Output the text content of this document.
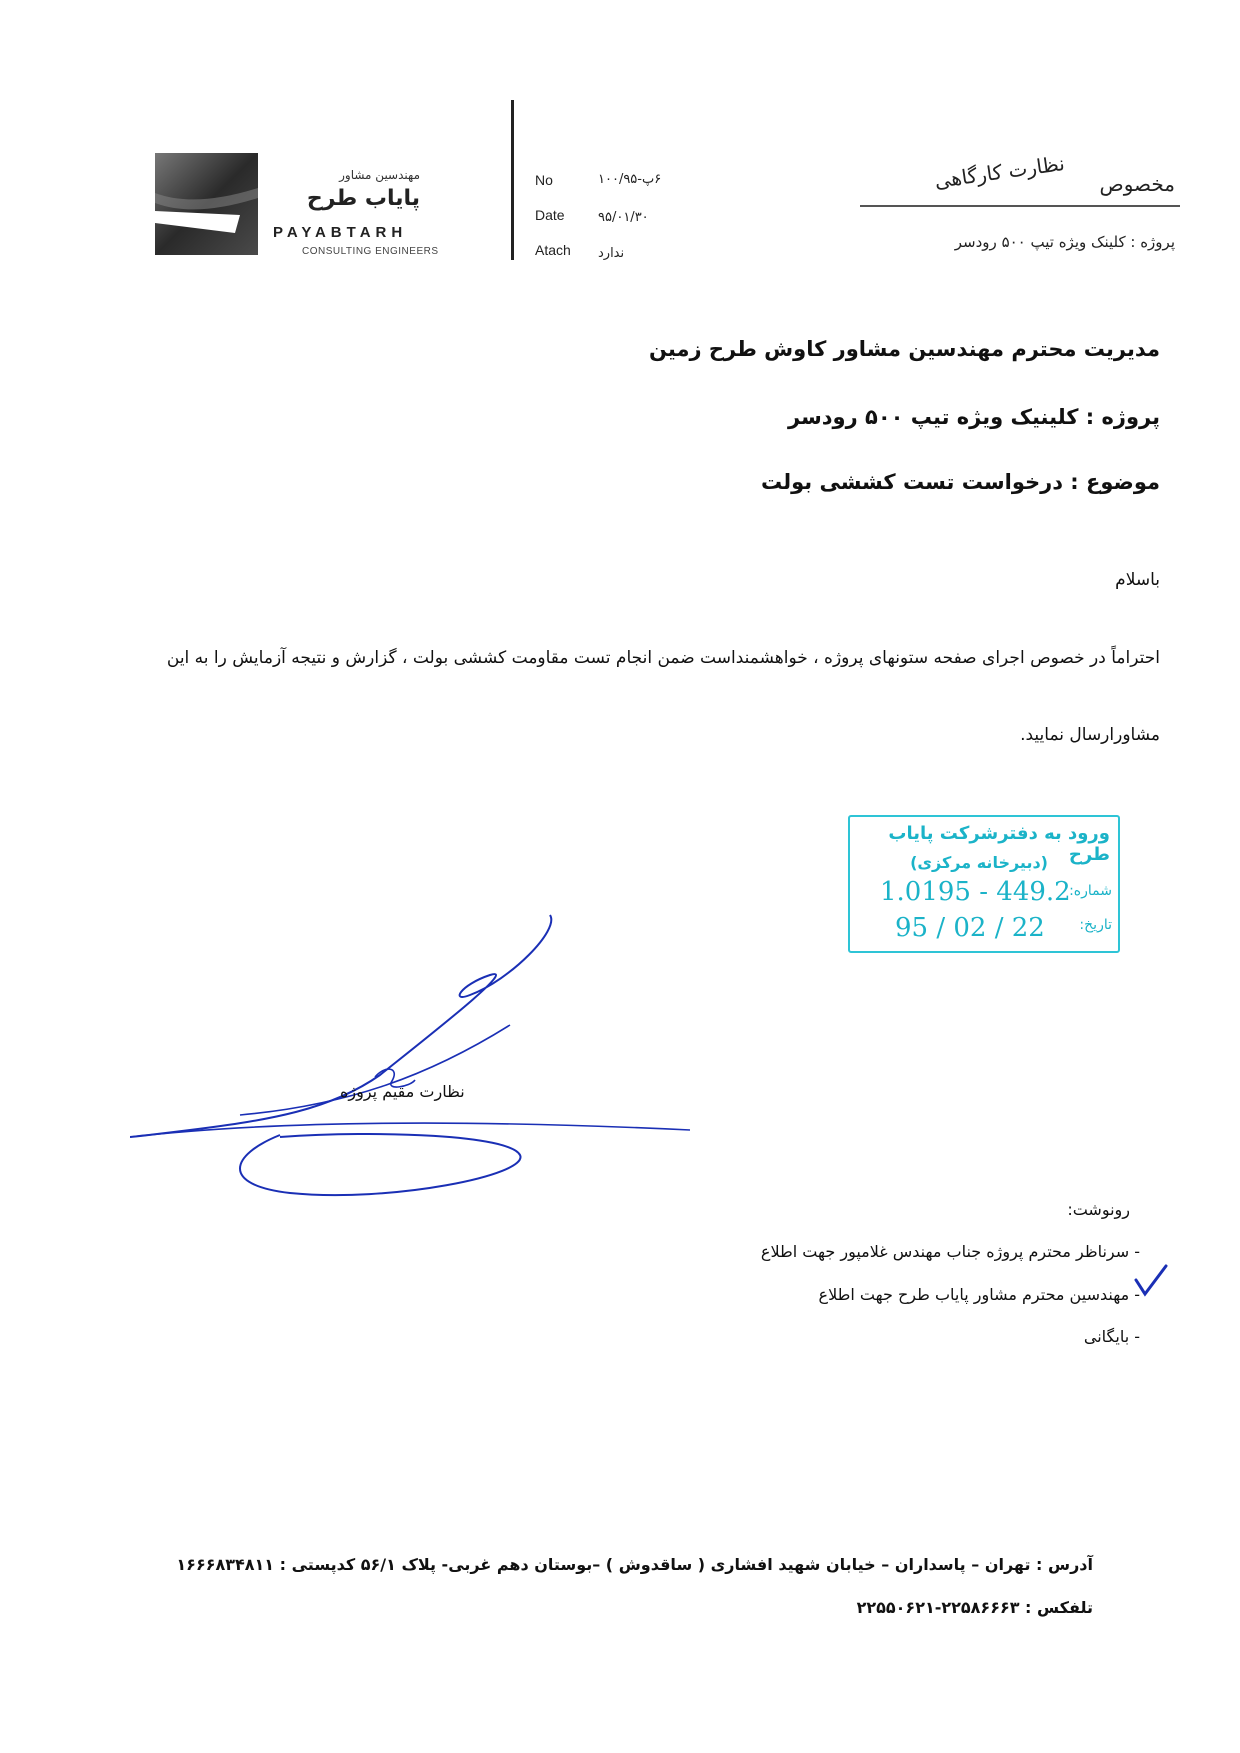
مهندسین مشاور
پایاب طرح
PAYABTARH
CONSULTING ENGINEERS
No	۶پ-۱۰۰/۹۵
Date	۹۵/۰۱/۳۰
Atach ندارد
مخصوص
نظارت کارگاهی
پروژه : کلینک ویژه تیپ ۵۰۰ رودسر
مدیریت محترم مهندسین مشاور کاوش طرح زمین
پروژه : کلینیک ویژه تیپ ۵۰۰ رودسر
موضوع : درخواست تست کششی بولت
باسلام
احتراماً در خصوص اجرای صفحه ستونهای پروژه ، خواهشمنداست ضمن انجام تست مقاومت کششی بولت ، گزارش و نتیجه آزمایش را به این
مشاورارسال نمایید.
ورود به دفترشرکت پایاب طرح
(دبیرخانه مرکزی)
شماره:
1.0195 - 449.2
تاریخ:
95 / 02 / 22
نظارت مقیم پروژه
رونوشت:
- سرناظر محترم پروژه جناب مهندس غلامپور جهت اطلاع
- مهندسین محترم مشاور پایاب طرح جهت اطلاع
- بایگانی
آدرس : تهران – پاسداران – خیابان شهید افشاری ( ساقدوش ) –بوستان دهم غربی- پلاک ۵۶/۱ کدپستی : ۱۶۶۶۸۳۴۸۱۱
تلفکس : ۲۲۵۸۶۶۶۳-۲۲۵۵۰۶۲۱
